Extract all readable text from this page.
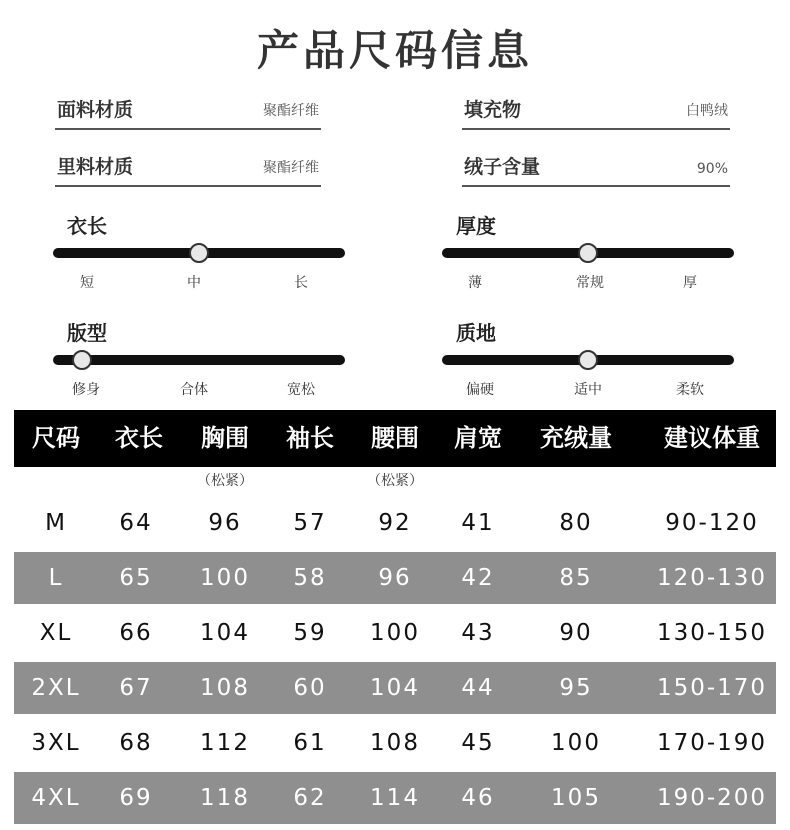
产品尺码信息
面料材质	聚酯纤维	填充物	白鸭绒
里料材质	聚酯纤维	绒子含量	90%
衣长
短	中	长
厚度
薄	常规	厚
版型
修身	合体	宽松
质地
偏硬	适中	柔软
尺码 衣长 胸围 袖长 腰围 肩宽 充绒量 建议体重
（松紧）	（松紧）
M 64 96 57 92 41	80	90-120
L 65 100 58 96 42	85	120-130
XL 66 104 59 100 43	90	130-150
2XL 67 108 60 104 44	95	150-170
3XL 68 112 61 108 45 100 170-190
4XL 69 118 62 114 46 105 190-200
